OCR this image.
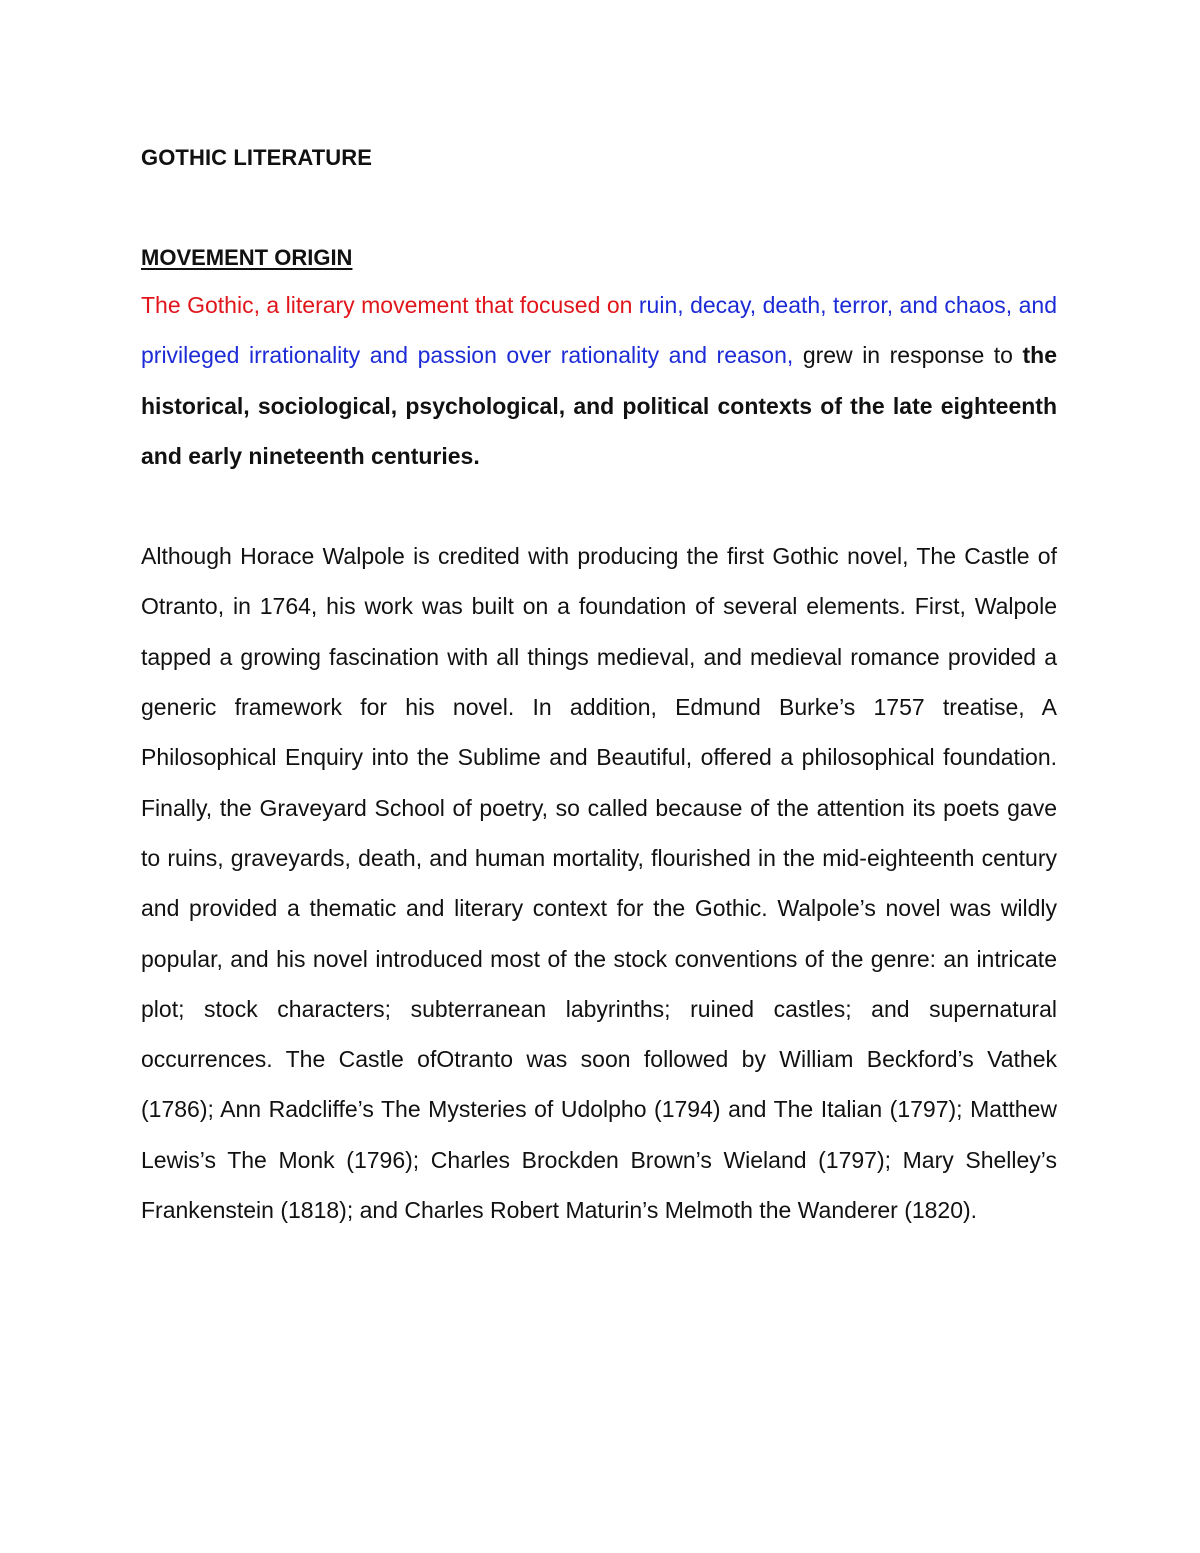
GOTHIC LITERATURE
MOVEMENT ORIGIN

The Gothic, a literary movement that focused on ruin, decay, death, terror, and chaos, and privileged irrationality and passion over rationality and reason, grew in response to the historical, sociological, psychological, and political contexts of the late eighteenth and early nineteenth centuries.

Although Horace Walpole is credited with producing the first Gothic novel, The Castle of Otranto, in 1764, his work was built on a foundation of several elements. First, Walpole tapped a growing fascination with all things medieval, and medieval romance provided a generic framework for his novel. In addition, Edmund Burke’s 1757 treatise, A Philosophical Enquiry into the Sublime and Beautiful, offered a philosophical foundation. Finally, the Graveyard School of poetry, so called because of the attention its poets gave to ruins, graveyards, death, and human mortality, flourished in the mid-eighteenth century and provided a thematic and literary context for the Gothic. Walpole’s novel was wildly popular, and his novel introduced most of the stock conventions of the genre: an intricate plot; stock characters; subterranean labyrinths; ruined castles; and supernatural occurrences. The Castle ofOtranto was soon followed by William Beckford’s Vathek (1786); Ann Radcliffe’s The Mysteries of Udolpho (1794) and The Italian (1797); Matthew Lewis’s The Monk (1796); Charles Brockden Brown’s Wieland (1797); Mary Shelley’s Frankenstein (1818); and Charles Robert Maturin’s Melmoth the Wanderer (1820).
